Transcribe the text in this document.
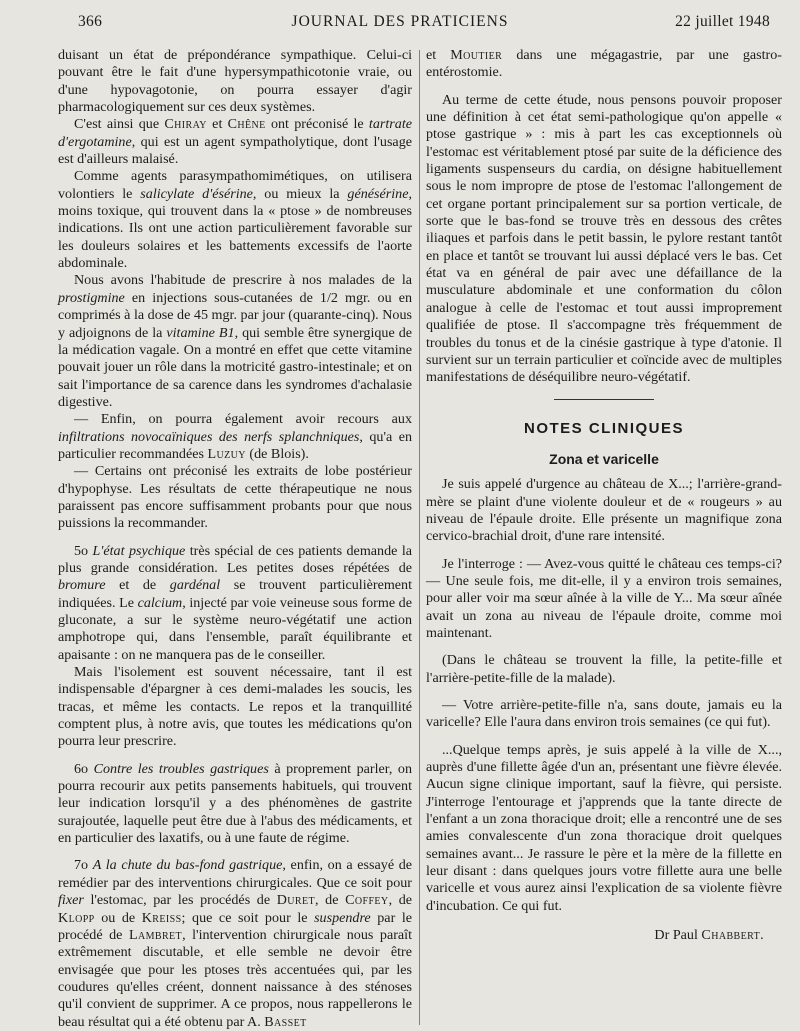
366	JOURNAL DES PRATICIENS	22 juillet 1948

duisant un état de prépondérance sympathique. Celui-ci pouvant être le fait d'une hypersympathicotonie vraie, ou d'une hypovagotonie, on pourra essayer d'agir pharmacologiquement sur ces deux systèmes.

C'est ainsi que Chiray et Chêne ont préconisé le tartrate d'ergotamine, qui est un agent sympatholytique, dont l'usage est d'ailleurs malaisé.

Comme agents parasympathomimétiques, on utilisera volontiers le salicylate d'ésérine, ou mieux la génésérine, moins toxique, qui trouvent dans la « ptose » de nombreuses indications. Ils ont une action particulièrement favorable sur les douleurs solaires et les battements excessifs de l'aorte abdominale.

Nous avons l'habitude de prescrire à nos malades de la prostigmine en injections sous-cutanées de 1/2 mgr. ou en comprimés à la dose de 45 mgr. par jour (quarante-cinq). Nous y adjoignons de la vitamine B1, qui semble être synergique de la médication vagale. On a montré en effet que cette vitamine pouvait jouer un rôle dans la motricité gastro-intestinale; et on sait l'importance de sa carence dans les syndromes d'achalasie digestive.

— Enfin, on pourra également avoir recours aux infiltrations novocaïniques des nerfs splanchniques, qu'a en particulier recommandées Luzuy (de Blois).

— Certains ont préconisé les extraits de lobe postérieur d'hypophyse. Les résultats de cette thérapeutique ne nous paraissent pas encore suffisamment probants pour que nous puissions la recommander.

5o L'état psychique très spécial de ces patients demande la plus grande considération. Les petites doses répétées de bromure et de gardénal se trouvent particulièrement indiquées. Le calcium, injecté par voie veineuse sous forme de gluconate, a sur le système neuro-végétatif une action amphotrope qui, dans l'ensemble, paraît équilibrante et apaisante : on ne manquera pas de le conseiller.

Mais l'isolement est souvent nécessaire, tant il est indispensable d'épargner à ces demi-malades les soucis, les tracas, et même les contacts. Le repos et la tranquillité comptent plus, à notre avis, que toutes les médications qu'on pourra leur prescrire.

6o Contre les troubles gastriques à proprement parler, on pourra recourir aux petits pansements habituels, qui trouvent leur indication lorsqu'il y a des phénomènes de gastrite surajoutée, laquelle peut être due à l'abus des médicaments, et en particulier des laxatifs, ou à une faute de régime.

7o A la chute du bas-fond gastrique, enfin, on a essayé de remédier par des interventions chirurgicales. Que ce soit pour fixer l'estomac, par les procédés de Duret, de Coffey, de Klopp ou de Kreiss; que ce soit pour le suspendre par le procédé de Lambret, l'intervention chirurgicale nous paraît extrêmement discutable, et elle semble ne devoir être envisagée que pour les ptoses très accentuées qui, par les coudures qu'elles créent, donnent naissance à des sténoses qu'il convient de supprimer. A ce propos, nous rappellerons le beau résultat qui a été obtenu par A. Basset

et Moutier dans une mégagastrie, par une gastro-entérostomie.

Au terme de cette étude, nous pensons pouvoir proposer une définition à cet état semi-pathologique qu'on appelle « ptose gastrique » : mis à part les cas exceptionnels où l'estomac est véritablement ptosé par suite de la déficience des ligaments suspenseurs du cardia, on désigne habituellement sous le nom impropre de ptose de l'estomac l'allongement de cet organe portant principalement sur sa portion verticale, de sorte que le bas-fond se trouve très en dessous des crêtes iliaques et parfois dans le petit bassin, le pylore restant tantôt en place et tantôt se trouvant lui aussi déplacé vers le bas. Cet état va en général de pair avec une défaillance de la musculature abdominale et une conformation du côlon analogue à celle de l'estomac et tout aussi improprement qualifiée de ptose. Il s'accompagne très fréquemment de troubles du tonus et de la cinésie gastrique à type d'atonie. Il survient sur un terrain particulier et coïncide avec de multiples manifestations de déséquilibre neuro-végétatif.

NOTES CLINIQUES
Zona et varicelle

Je suis appelé d'urgence au château de X...; l'arrière-grand-mère se plaint d'une violente douleur et de « rougeurs » au niveau de l'épaule droite. Elle présente un magnifique zona cervico-brachial droit, d'une rare intensité.

Je l'interroge : — Avez-vous quitté le château ces temps-ci? — Une seule fois, me dit-elle, il y a environ trois semaines, pour aller voir ma sœur aînée à la ville de Y... Ma sœur aînée avait un zona au niveau de l'épaule droite, comme moi maintenant.

(Dans le château se trouvent la fille, la petite-fille et l'arrière-petite-fille de la malade).

— Votre arrière-petite-fille n'a, sans doute, jamais eu la varicelle? Elle l'aura dans environ trois semaines (ce qui fut).

...Quelque temps après, je suis appelé à la ville de X..., auprès d'une fillette âgée d'un an, présentant une fièvre élevée. Aucun signe clinique important, sauf la fièvre, qui persiste. J'interroge l'entourage et j'apprends que la tante directe de l'enfant a un zona thoracique droit; elle a rencontré une de ses amies convalescente d'un zona thoracique droit quelques semaines avant... Je rassure le père et la mère de la fillette en leur disant : dans quelques jours votre fillette aura une belle varicelle et vous aurez ainsi l'explication de sa violente fièvre d'incubation. Ce qui fut.

Dr Paul Chabbert.
